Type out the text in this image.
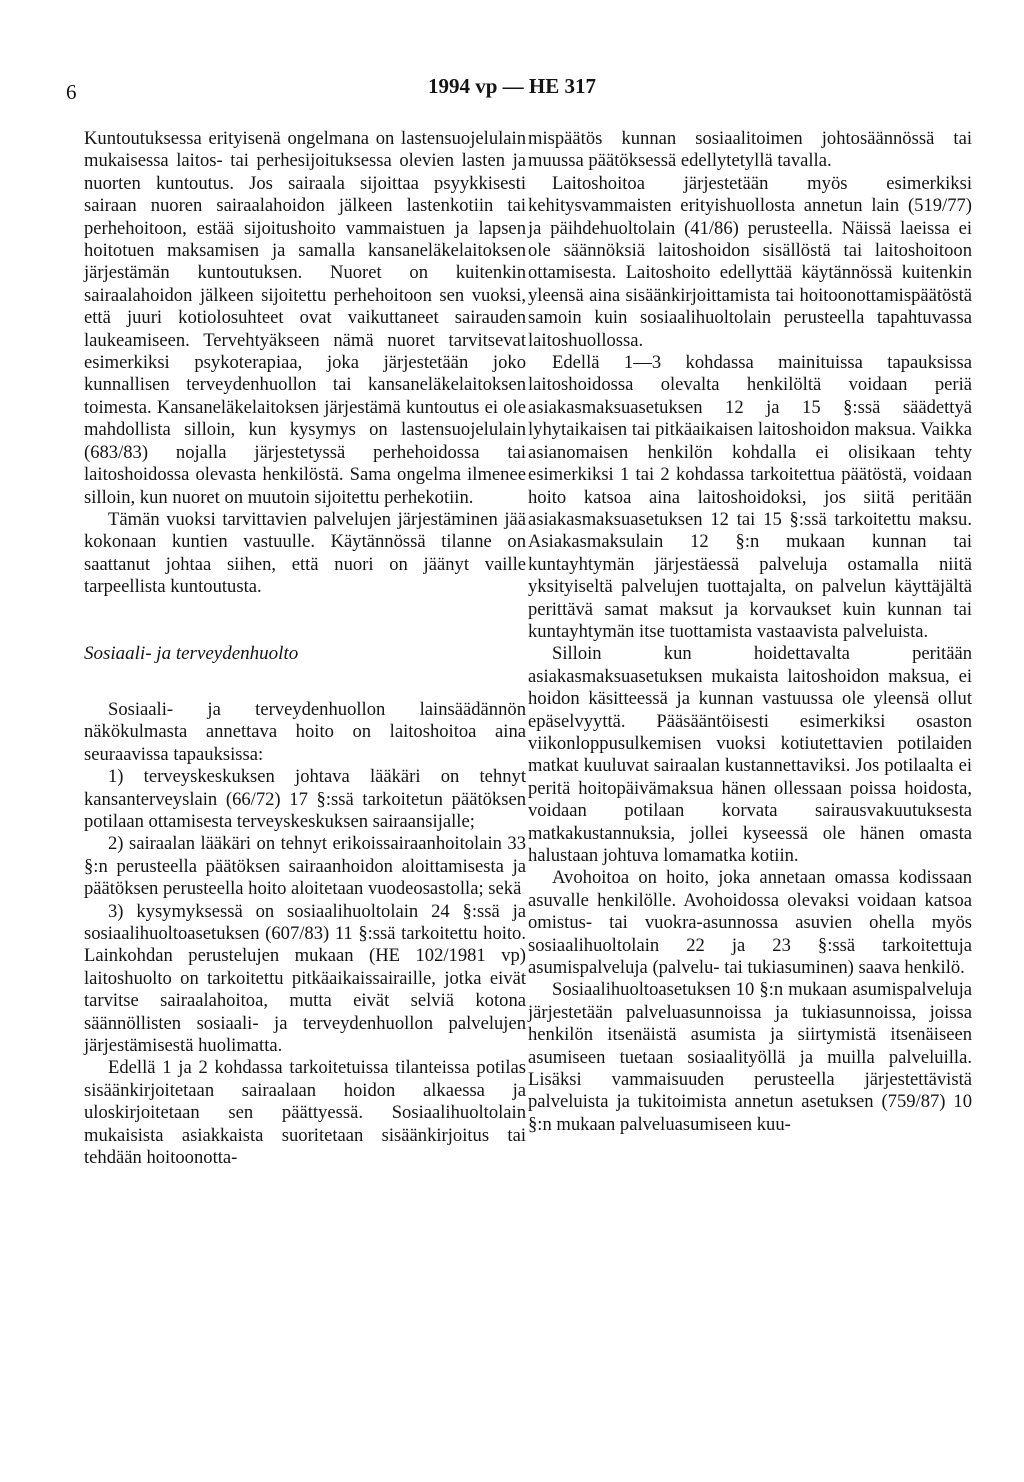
6	1994 vp — HE 317

Kuntoutuksessa erityisenä ongelmana on lastensuojelulain mukaisessa laitos- tai perhesijoituksessa olevien lasten ja nuorten kuntoutus. Jos sairaala sijoittaa psyykkisesti sairaan nuoren sairaalahoidon jälkeen lastenkotiin tai perhehoitoon, estää sijoitushoito vammaistuen ja lapsen hoitotuen maksamisen ja samalla kansaneläkelaitoksen järjestämän kuntoutuksen. Nuoret on kuitenkin sairaalahoidon jälkeen sijoitettu perhehoitoon sen vuoksi, että juuri kotiolosuhteet ovat vaikuttaneet sairauden laukeamiseen. Tervehtyäkseen nämä nuoret tarvitsevat esimerkiksi psykoterapiaa, joka järjestetään joko kunnallisen terveydenhuollon tai kansaneläkelaitoksen toimesta. Kansaneläkelaitoksen järjestämä kuntoutus ei ole mahdollista silloin, kun kysymys on lastensuojelulain (683/83) nojalla järjestetyssä perhehoidossa tai laitoshoidossa olevasta henkilöstä. Sama ongelma ilmenee silloin, kun nuoret on muutoin sijoitettu perhekotiin.

Tämän vuoksi tarvittavien palvelujen järjestäminen jää kokonaan kuntien vastuulle. Käytännössä tilanne on saattanut johtaa siihen, että nuori on jäänyt vaille tarpeellista kuntoutusta.

Sosiaali- ja terveydenhuolto

Sosiaali- ja terveydenhuollon lainsäädännön näkökulmasta annettava hoito on laitoshoitoa aina seuraavissa tapauksissa:

1) terveyskeskuksen johtava lääkäri on tehnyt kansanterveyslain (66/72) 17 §:ssä tarkoitetun päätöksen potilaan ottamisesta terveyskeskuksen sairaansijalle;

2) sairaalan lääkäri on tehnyt erikoissairaanhoitolain 33 §:n perusteella päätöksen sairaanhoidon aloittamisesta ja päätöksen perusteella hoito aloitetaan vuodeosastolla; sekä

3) kysymyksessä on sosiaalihuoltolain 24 §:ssä ja sosiaalihuoltoasetuksen (607/83) 11 §:ssä tarkoitettu hoito. Lainkohdan perustelujen mukaan (HE 102/1981 vp) laitoshuolto on tarkoitettu pitkäaikaissairaille, jotka eivät tarvitse sairaalahoitoa, mutta eivät selviä kotona säännöllisten sosiaali- ja terveydenhuollon palvelujen järjestämisestä huolimatta.

Edellä 1 ja 2 kohdassa tarkoitetuissa tilanteissa potilas sisäänkirjoitetaan sairaalaan hoidon alkaessa ja uloskirjoitetaan sen päättyessä. Sosiaalihuoltolain mukaisista asiakkaista suoritetaan sisäänkirjoitus tai tehdään hoitoonotta-

mispäätös kunnan sosiaalitoimen johtosäännössä tai muussa päätöksessä edellytetyllä tavalla.

Laitoshoitoa järjestetään myös esimerkiksi kehitysvammaisten erityishuollosta annetun lain (519/77) ja päihdehuoltolain (41/86) perusteella. Näissä laeissa ei ole säännöksiä laitoshoidon sisällöstä tai laitoshoitoon ottamisesta. Laitoshoito edellyttää käytännössä kuitenkin yleensä aina sisäänkirjoittamista tai hoitoonottamispäätöstä samoin kuin sosiaalihuoltolain perusteella tapahtuvassa laitoshuollossa.

Edellä 1—3 kohdassa mainituissa tapauksissa laitoshoidossa olevalta henkilöltä voidaan periä asiakasmaksuasetuksen 12 ja 15 §:ssä säädettyä lyhytaikaisen tai pitkäaikaisen laitoshoidon maksua. Vaikka asianomaisen henkilön kohdalla ei olisikaan tehty esimerkiksi 1 tai 2 kohdassa tarkoitettua päätöstä, voidaan hoito katsoa aina laitoshoidoksi, jos siitä peritään asiakasmaksuasetuksen 12 tai 15 §:ssä tarkoitettu maksu. Asiakasmaksulain 12 §:n mukaan kunnan tai kuntayhtymän järjestäessä palveluja ostamalla niitä yksityiseltä palvelujen tuottajalta, on palvelun käyttäjältä perittävä samat maksut ja korvaukset kuin kunnan tai kuntayhtymän itse tuottamista vastaavista palveluista.

Silloin kun hoidettavalta peritään asiakasmaksuasetuksen mukaista laitoshoidon maksua, ei hoidon käsitteessä ja kunnan vastuussa ole yleensä ollut epäselvyyttä. Pääsääntöisesti esimerkiksi osaston viikonloppusulkemisen vuoksi kotiutettavien potilaiden matkat kuuluvat sairaalan kustannettaviksi. Jos potilaalta ei peritä hoitopäivämaksua hänen ollessaan poissa hoidosta, voidaan potilaan korvata sairausvakuutuksesta matkakustannuksia, jollei kyseessä ole hänen omasta halustaan johtuva lomamatka kotiin.

Avohoitoa on hoito, joka annetaan omassa kodissaan asuvalle henkilölle. Avohoidossa olevaksi voidaan katsoa omistus- tai vuokra-asunnossa asuvien ohella myös sosiaalihuoltolain 22 ja 23 §:ssä tarkoitettuja asumispalveluja (palvelu- tai tukiasuminen) saava henkilö.

Sosiaalihuoltoasetuksen 10 §:n mukaan asumispalveluja järjestetään palveluasunnoissa ja tukiasunnoissa, joissa henkilön itsenäistä asumista ja siirtymistä itsenäiseen asumiseen tuetaan sosiaalityöllä ja muilla palveluilla. Lisäksi vammaisuuden perusteella järjestettävistä palveluista ja tukitoimista annetun asetuksen (759/87) 10 §:n mukaan palveluasumiseen kuu-
